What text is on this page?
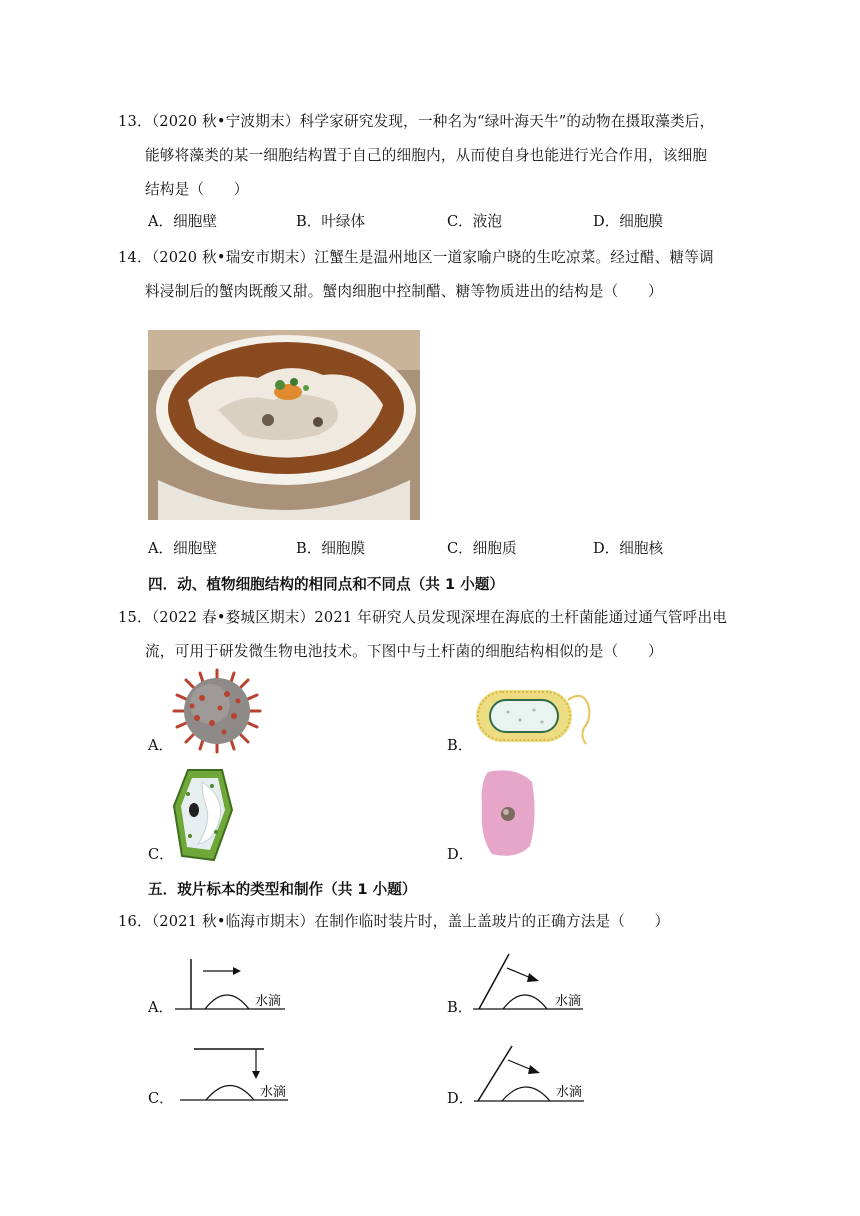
13．（2020 秋•宁波期末）科学家研究发现，一种名为“绿叶海天牛”的动物在摄取藻类后，
能够将藻类的某一细胞结构置于自己的细胞内，从而使自身也能进行光合作用，该细胞
结构是（　　）
A．细胞壁	B．叶绿体	C．液泡	D．细胞膜
14．（2020 秋•瑞安市期末）江蟹生是温州地区一道家喻户晓的生吃凉菜。经过醋、糖等调
料浸制后的蟹肉既酸又甜。蟹肉细胞中控制醋、糖等物质进出的结构是（　　）
A．细胞壁	B．细胞膜	C．细胞质	D．细胞核
四．动、植物细胞结构的相同点和不同点（共 1 小题）
15．（2022 春•婺城区期末）2021 年研究人员发现深埋在海底的土杆菌能通过通气管呼出电
流，可用于研发微生物电池技术。下图中与土杆菌的细胞结构相似的是（　　）
A．	B．
C．	D．
五．玻片标本的类型和制作（共 1 小题）
16．（2021 秋•临海市期末）在制作临时装片时，盖上盖玻片的正确方法是（　　）
A．	水滴	B．	水滴
C．	水滴	D．	水滴
